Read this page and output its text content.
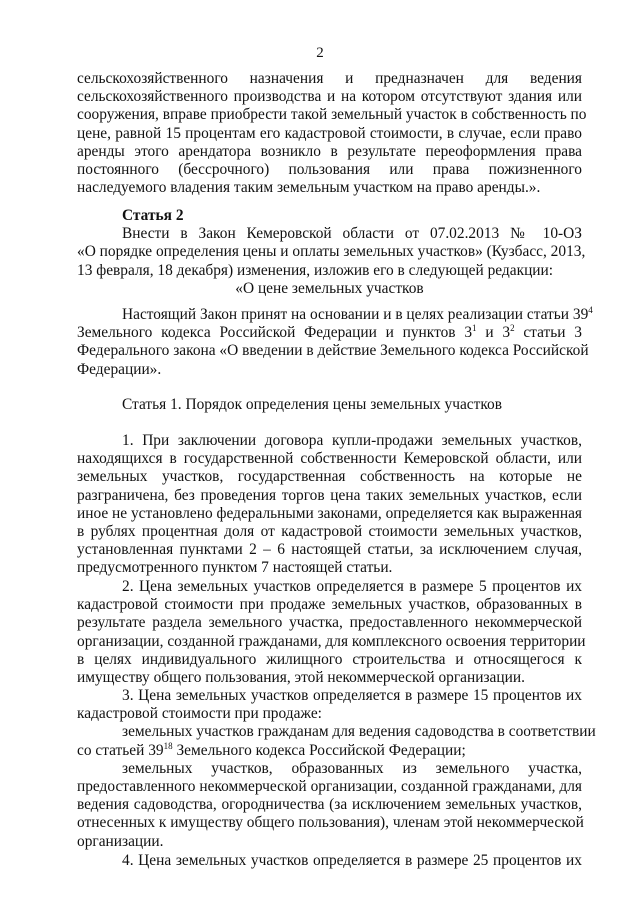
2
сельскохозяйственного назначения и предназначен для ведения
сельскохозяйственного производства и на котором отсутствуют здания или
сооружения, вправе приобрести такой земельный участок в собственность по
цене, равной 15 процентам его кадастровой стоимости, в случае, если право
аренды этого арендатора возникло в результате переоформления права
постоянного (бессрочного) пользования или права пожизненного
наследуемого владения таким земельным участком на право аренды.».
Статья 2
Внести в Закон Кемеровской области от 07.02.2013 № 10-ОЗ
«О порядке определения цены и оплаты земельных участков» (Кузбасс, 2013,
13 февраля, 18 декабря) изменения, изложив его в следующей редакции:
«О цене земельных участков
Настоящий Закон принят на основании и в целях реализации статьи $39^4$
Земельного кодекса Российской Федерации и пунктов $3^1$ и $3^2$ статьи 3
Федерального закона «О введении в действие Земельного кодекса Российской
Федерации».
Статья 1. Порядок определения цены земельных участков
1. При заключении договора купли-продажи земельных участков,
находящихся в государственной собственности Кемеровской области, или
земельных участков, государственная собственность на которые не
разграничена, без проведения торгов цена таких земельных участков, если
иное не установлено федеральными законами, определяется как выраженная
в рублях процентная доля от кадастровой стоимости земельных участков,
установленная пунктами 2 – 6 настоящей статьи, за исключением случая,
предусмотренного пунктом 7 настоящей статьи.
2. Цена земельных участков определяется в размере 5 процентов их
кадастровой стоимости при продаже земельных участков, образованных в
результате раздела земельного участка, предоставленного некоммерческой
организации, созданной гражданами, для комплексного освоения территории
в целях индивидуального жилищного строительства и относящегося к
имуществу общего пользования, этой некоммерческой организации.
3. Цена земельных участков определяется в размере 15 процентов их
кадастровой стоимости при продаже:
земельных участков гражданам для ведения садоводства в соответствии
со статьей $39^{18}$ Земельного кодекса Российской Федерации;
земельных участков, образованных из земельного участка,
предоставленного некоммерческой организации, созданной гражданами, для
ведения садоводства, огородничества (за исключением земельных участков,
отнесенных к имуществу общего пользования), членам этой некоммерческой
организации.
4. Цена земельных участков определяется в размере 25 процентов их
